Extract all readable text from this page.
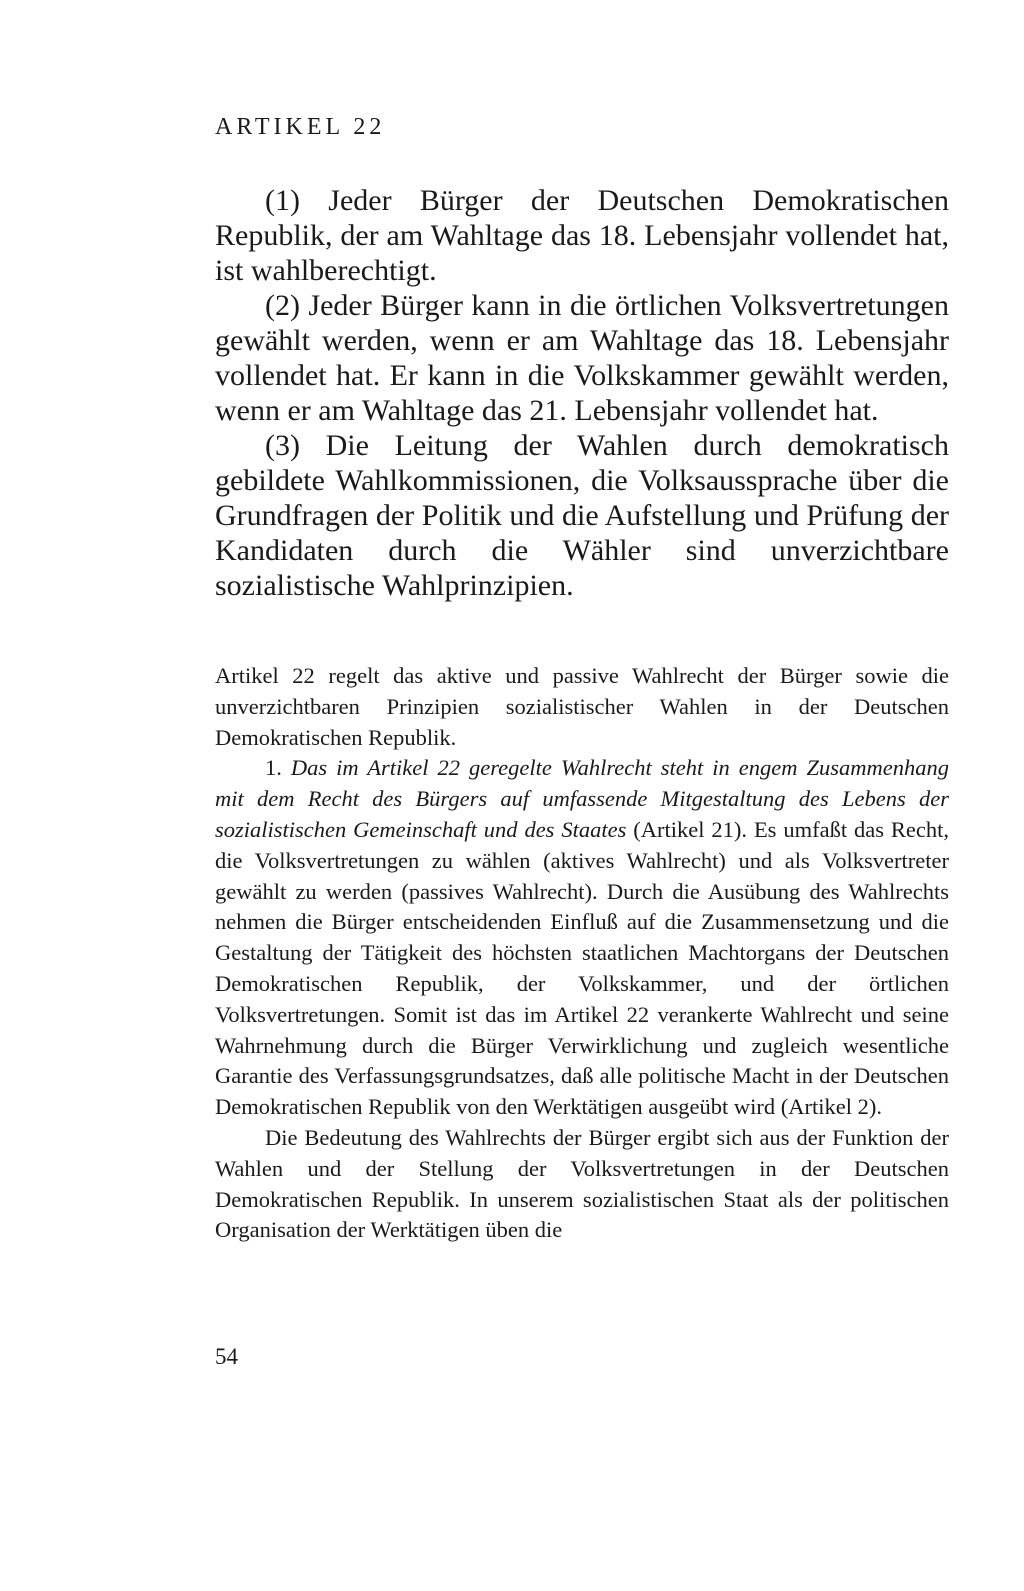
ARTIKEL 22

(1) Jeder Bürger der Deutschen Demokratischen Republik, der am Wahltage das 18. Lebensjahr vollendet hat, ist wahlberechtigt.

(2) Jeder Bürger kann in die örtlichen Volksvertretungen gewählt werden, wenn er am Wahltage das 18. Lebensjahr vollendet hat. Er kann in die Volkskammer gewählt werden, wenn er am Wahltage das 21. Lebensjahr vollendet hat.

(3) Die Leitung der Wahlen durch demokratisch gebildete Wahlkommissionen, die Volksaussprache über die Grundfragen der Politik und die Aufstellung und Prüfung der Kandidaten durch die Wähler sind unverzichtbare sozialistische Wahlprinzipien.

Artikel 22 regelt das aktive und passive Wahlrecht der Bürger sowie die unverzichtbaren Prinzipien sozialistischer Wahlen in der Deutschen Demokratischen Republik.

1. Das im Artikel 22 geregelte Wahlrecht steht in engem Zusammenhang mit dem Recht des Bürgers auf umfassende Mitgestaltung des Lebens der sozialistischen Gemeinschaft und des Staates (Artikel 21). Es umfaßt das Recht, die Volksvertretungen zu wählen (aktives Wahlrecht) und als Volksvertreter gewählt zu werden (passives Wahlrecht). Durch die Ausübung des Wahlrechts nehmen die Bürger entscheidenden Einfluß auf die Zusammensetzung und die Gestaltung der Tätigkeit des höchsten staatlichen Machtorgans der Deutschen Demokratischen Republik, der Volkskammer, und der örtlichen Volksvertretungen. Somit ist das im Artikel 22 verankerte Wahlrecht und seine Wahrnehmung durch die Bürger Verwirklichung und zugleich wesentliche Garantie des Verfassungsgrundsatzes, daß alle politische Macht in der Deutschen Demokratischen Republik von den Werktätigen ausgeübt wird (Artikel 2).

Die Bedeutung des Wahlrechts der Bürger ergibt sich aus der Funktion der Wahlen und der Stellung der Volksvertretungen in der Deutschen Demokratischen Republik. In unserem sozialistischen Staat als der politischen Organisation der Werktätigen üben die

54
